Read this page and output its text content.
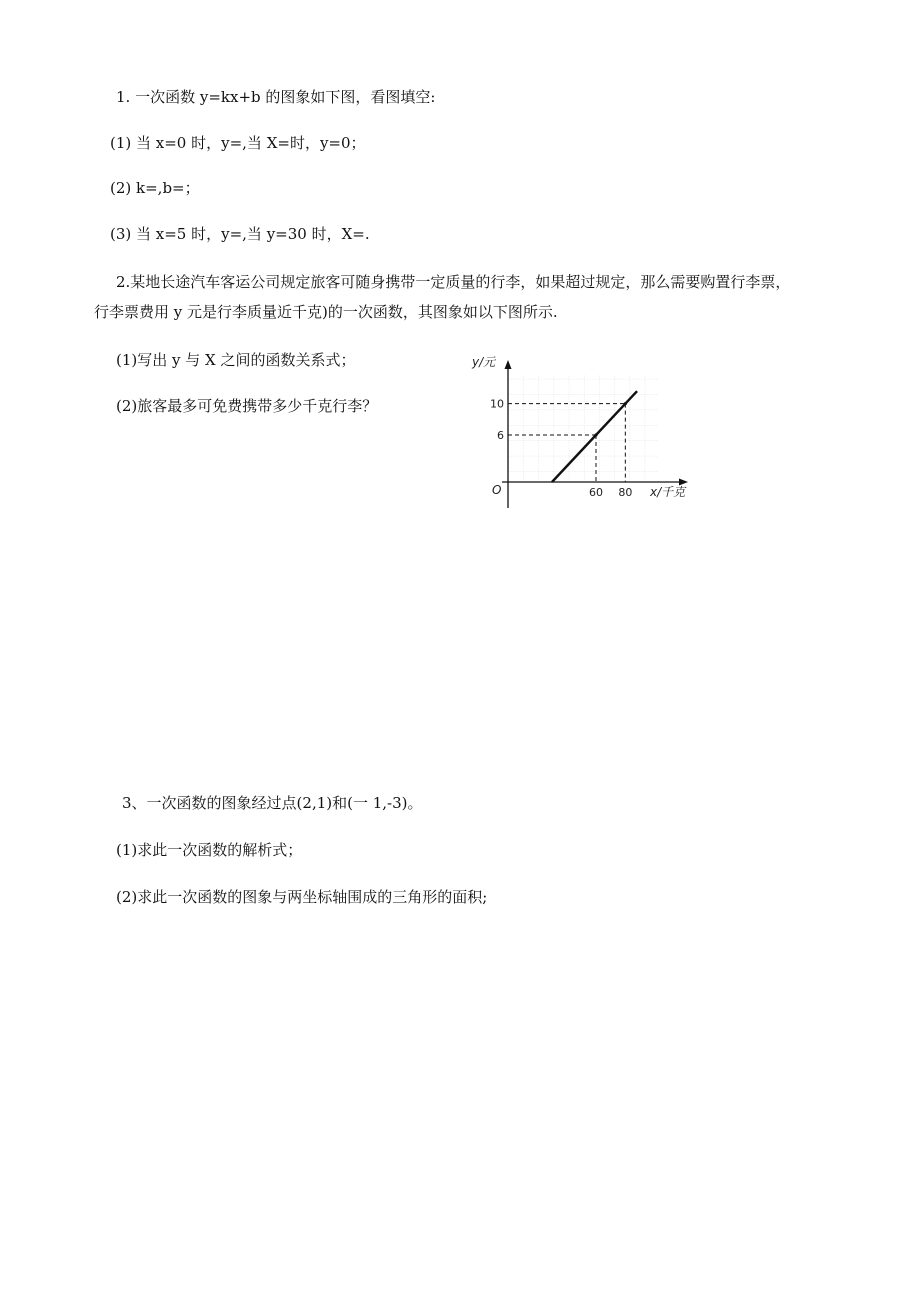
1. 一次函数 y=kx+b 的图象如下图，看图填空:
(1) 当 x=0 时，y=,当 X=时，y=0；
(2) k=,b=；
(3) 当 x=5 时，y=,当 y=30 时，X=.
2.某地长途汽车客运公司规定旅客可随身携带一定质量的行李，如果超过规定，那么需要购置行李票，
行李票费用 y 元是行李质量近千克)的一次函数，其图象如以下图所示.
(1)写出 y 与 X 之间的函数关系式；
(2)旅客最多可免费携带多少千克行李？	10
6
60 80
y/元
x/千克
O
3、一次函数的图象经过点(2,1)和(一 1,-3)。
(1)求此一次函数的解析式；
(2)求此一次函数的图象与两坐标轴围成的三角形的面积;
